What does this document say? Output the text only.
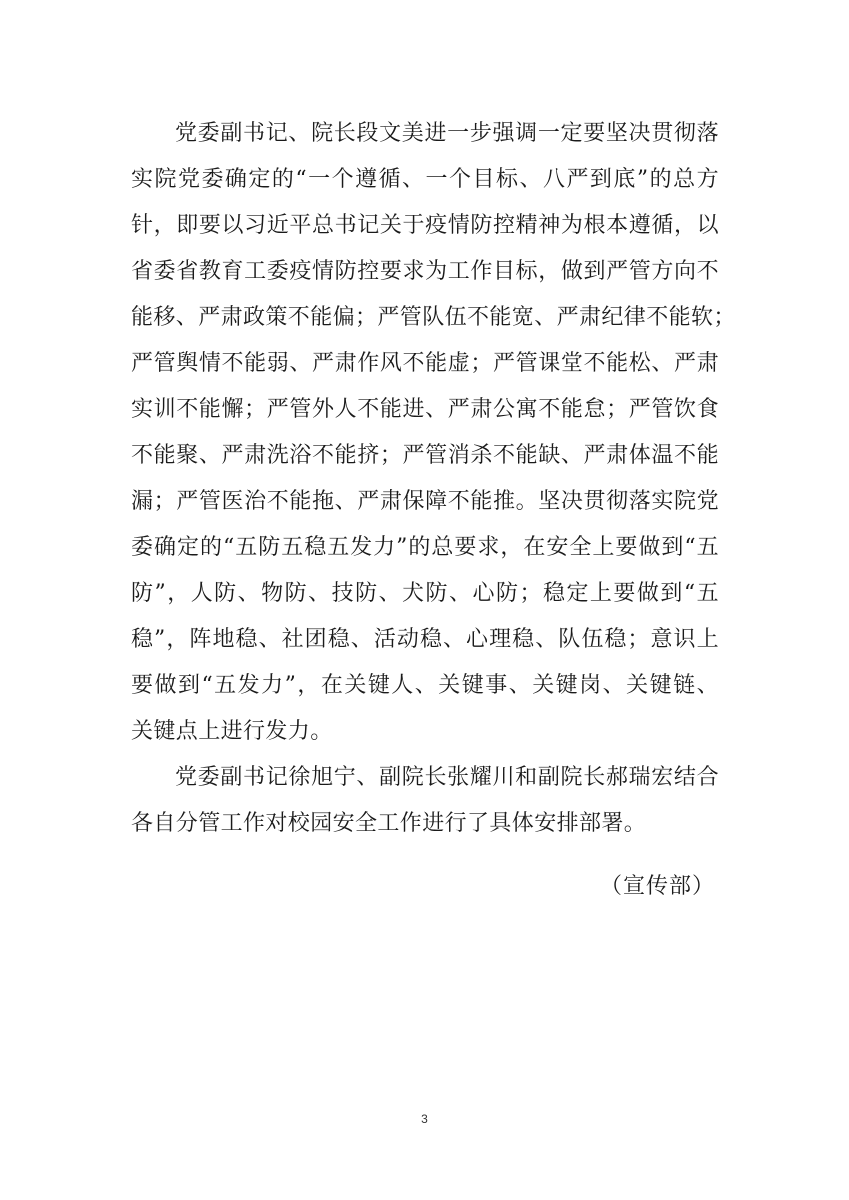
党委副书记、院长段文美进一步强调一定要坚决贯彻落
实院党委确定的“一个遵循、一个目标、八严到底”的总方
针，即要以习近平总书记关于疫情防控精神为根本遵循，以
省委省教育工委疫情防控要求为工作目标，做到严管方向不
能移、严肃政策不能偏；严管队伍不能宽、严肃纪律不能软；
严管舆情不能弱、严肃作风不能虚；严管课堂不能松、严肃
实训不能懈；严管外人不能进、严肃公寓不能怠；严管饮食
不能聚、严肃洗浴不能挤；严管消杀不能缺、严肃体温不能
漏；严管医治不能拖、严肃保障不能推。坚决贯彻落实院党
委确定的“五防五稳五发力”的总要求，在安全上要做到“五
防”，人防、物防、技防、犬防、心防；稳定上要做到“五
稳”，阵地稳、社团稳、活动稳、心理稳、队伍稳；意识上
要做到“五发力”，在关键人、关键事、关键岗、关键链、
关键点上进行发力。
党委副书记徐旭宁、副院长张耀川和副院长郝瑞宏结合
各自分管工作对校园安全工作进行了具体安排部署。
（宣传部）
3
